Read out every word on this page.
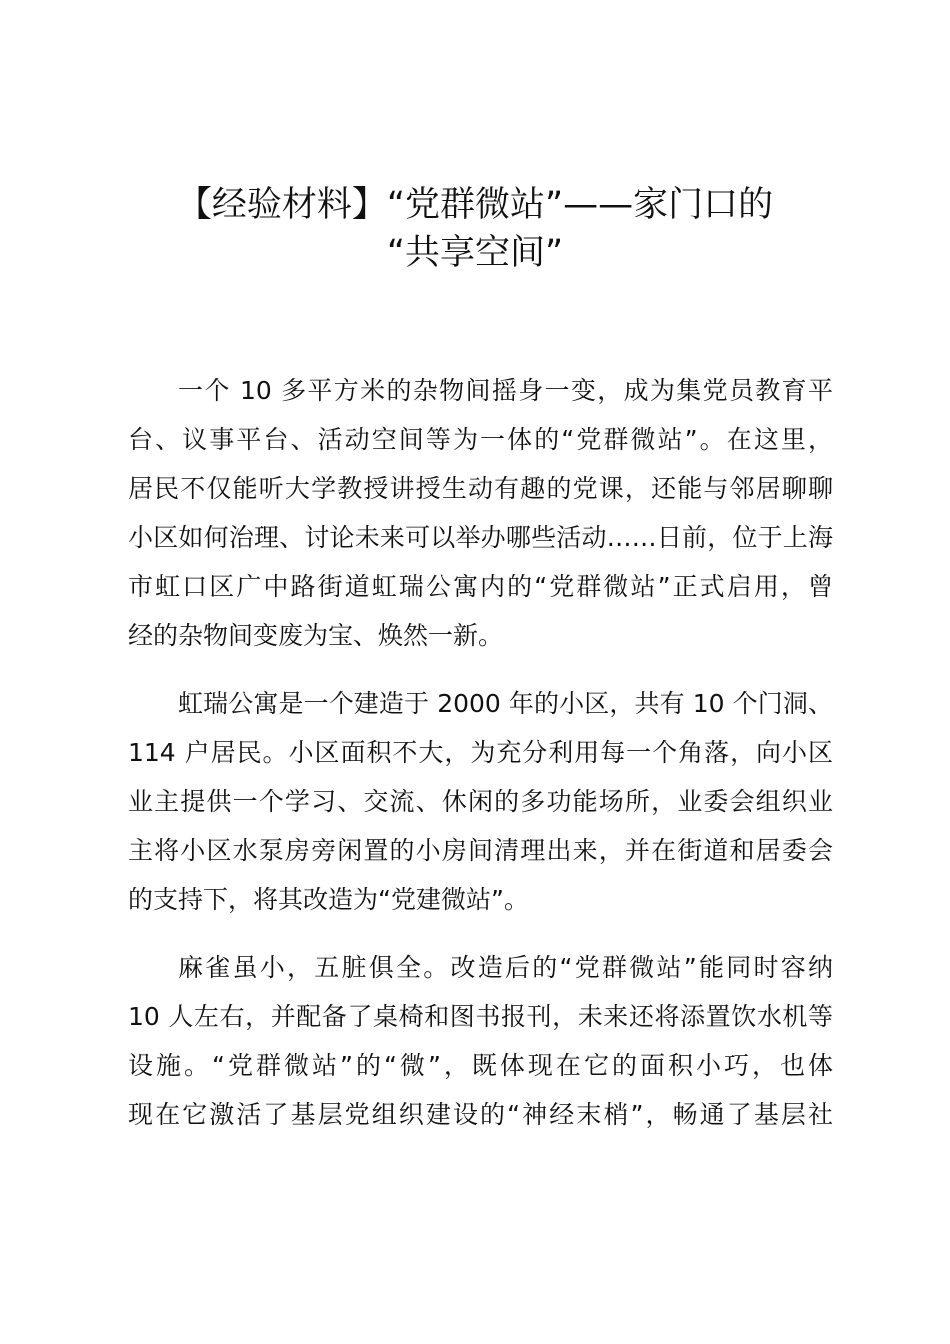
【经验材料】“党群微站”——家门口的
“共享空间”

一个 10 多平方米的杂物间摇身一变，成为集党员教育平
台、议事平台、活动空间等为一体的“党群微站”。在这里，
居民不仅能听大学教授讲授生动有趣的党课，还能与邻居聊聊
小区如何治理、讨论未来可以举办哪些活动……日前，位于上海
市虹口区广中路街道虹瑞公寓内的“党群微站”正式启用，曾
经的杂物间变废为宝、焕然一新。

虹瑞公寓是一个建造于 2000 年的小区，共有 10 个门洞、
114 户居民。小区面积不大，为充分利用每一个角落，向小区
业主提供一个学习、交流、休闲的多功能场所，业委会组织业
主将小区水泵房旁闲置的小房间清理出来，并在街道和居委会
的支持下，将其改造为“党建微站”。

麻雀虽小，五脏俱全。改造后的“党群微站”能同时容纳
10 人左右，并配备了桌椅和图书报刊，未来还将添置饮水机等
设施。“党群微站”的“微”，既体现在它的面积小巧，也体
现在它激活了基层党组织建设的“神经末梢”，畅通了基层社
